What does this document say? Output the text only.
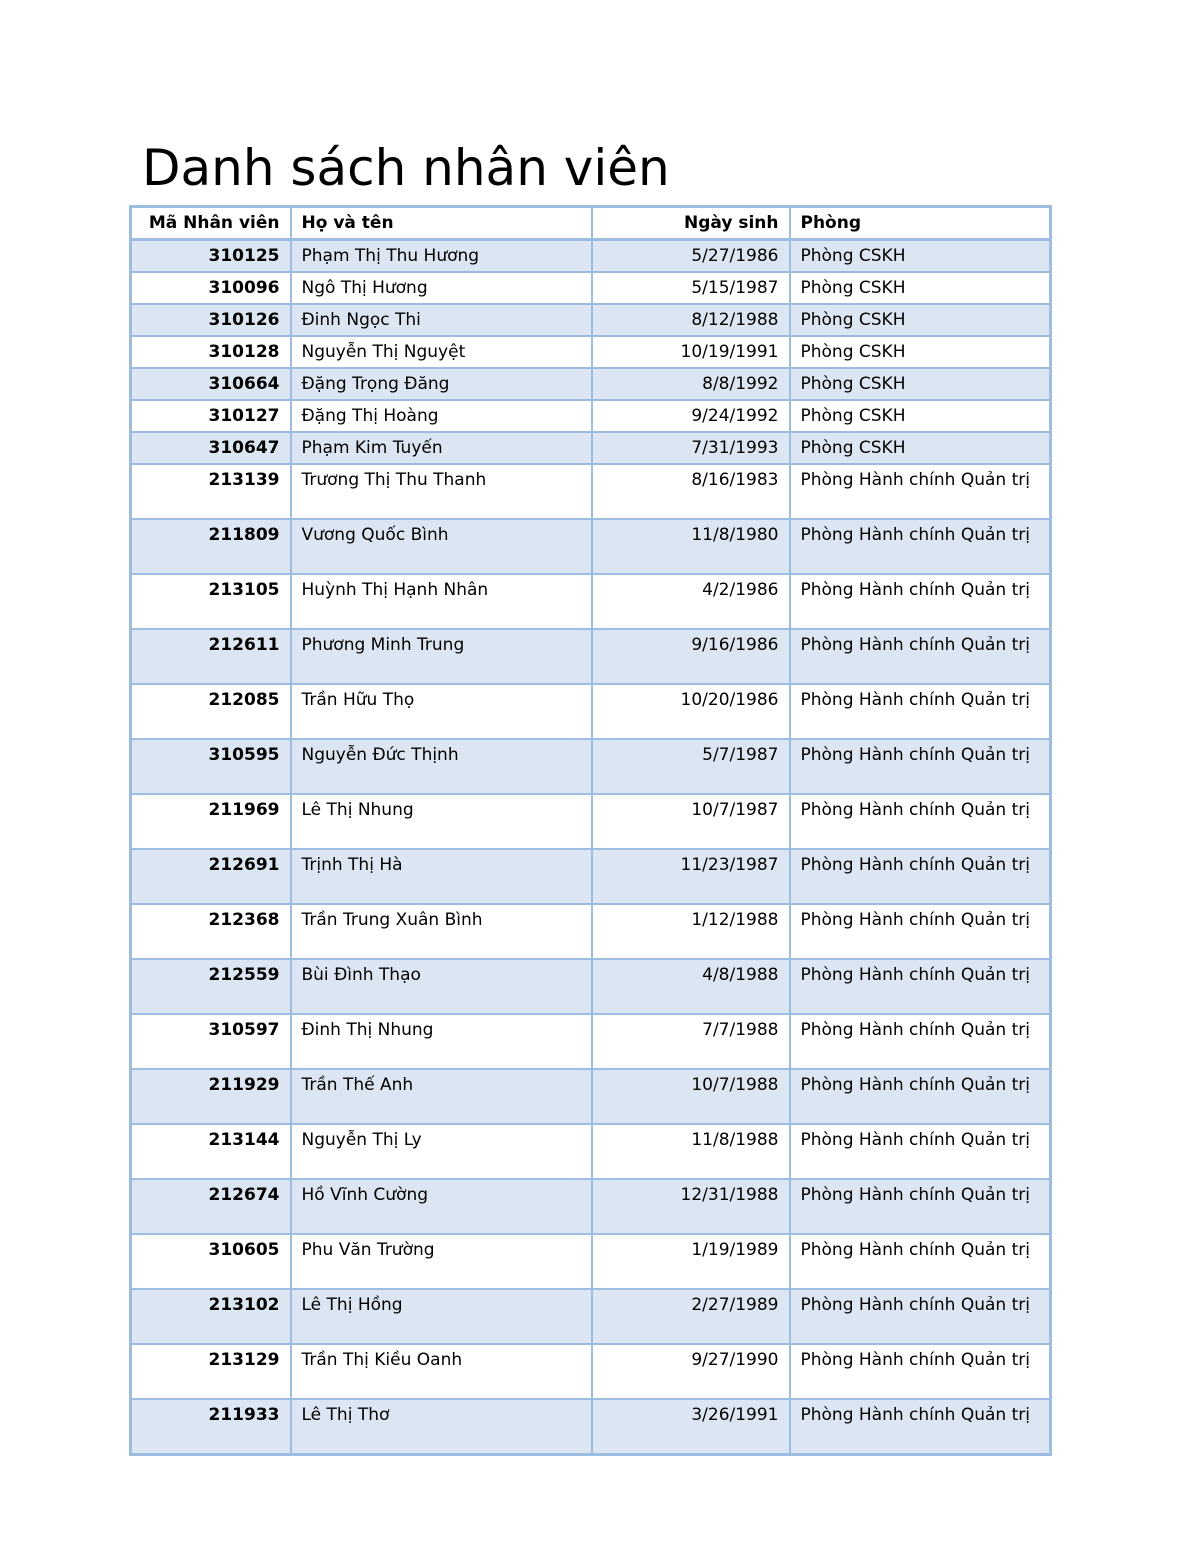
Danh sách nhân viên
Mã Nhân viên	Họ và tên	Ngày sinh	Phòng
310125	Phạm Thị Thu Hương	5/27/1986	Phòng CSKH
310096	Ngô Thị Hương	5/15/1987	Phòng CSKH
310126	Đinh Ngọc Thi	8/12/1988	Phòng CSKH
310128	Nguyễn Thị Nguyệt	10/19/1991	Phòng CSKH
310664	Đặng Trọng Đăng	8/8/1992	Phòng CSKH
310127	Đặng Thị Hoàng	9/24/1992	Phòng CSKH
310647	Phạm Kim Tuyến	7/31/1993	Phòng CSKH
213139	Trương Thị Thu Thanh	8/16/1983	Phòng Hành chính Quản trị
211809	Vương Quốc Bình	11/8/1980	Phòng Hành chính Quản trị
213105	Huỳnh Thị Hạnh Nhân	4/2/1986	Phòng Hành chính Quản trị
212611	Phương Minh Trung	9/16/1986	Phòng Hành chính Quản trị
212085	Trần Hữu Thọ	10/20/1986	Phòng Hành chính Quản trị
310595	Nguyễn Đức Thịnh	5/7/1987	Phòng Hành chính Quản trị
211969	Lê Thị Nhung	10/7/1987	Phòng Hành chính Quản trị
212691	Trịnh Thị Hà	11/23/1987	Phòng Hành chính Quản trị
212368	Trần Trung Xuân Bình	1/12/1988	Phòng Hành chính Quản trị
212559	Bùi Đình Thạo	4/8/1988	Phòng Hành chính Quản trị
310597	Đinh Thị Nhung	7/7/1988	Phòng Hành chính Quản trị
211929	Trần Thế Anh	10/7/1988	Phòng Hành chính Quản trị
213144	Nguyễn Thị Ly	11/8/1988	Phòng Hành chính Quản trị
212674	Hồ Vĩnh Cường	12/31/1988	Phòng Hành chính Quản trị
310605	Phu Văn Trường	1/19/1989	Phòng Hành chính Quản trị
213102	Lê Thị Hồng	2/27/1989	Phòng Hành chính Quản trị
213129	Trần Thị Kiều Oanh	9/27/1990	Phòng Hành chính Quản trị
211933	Lê Thị Thơ	3/26/1991	Phòng Hành chính Quản trị
